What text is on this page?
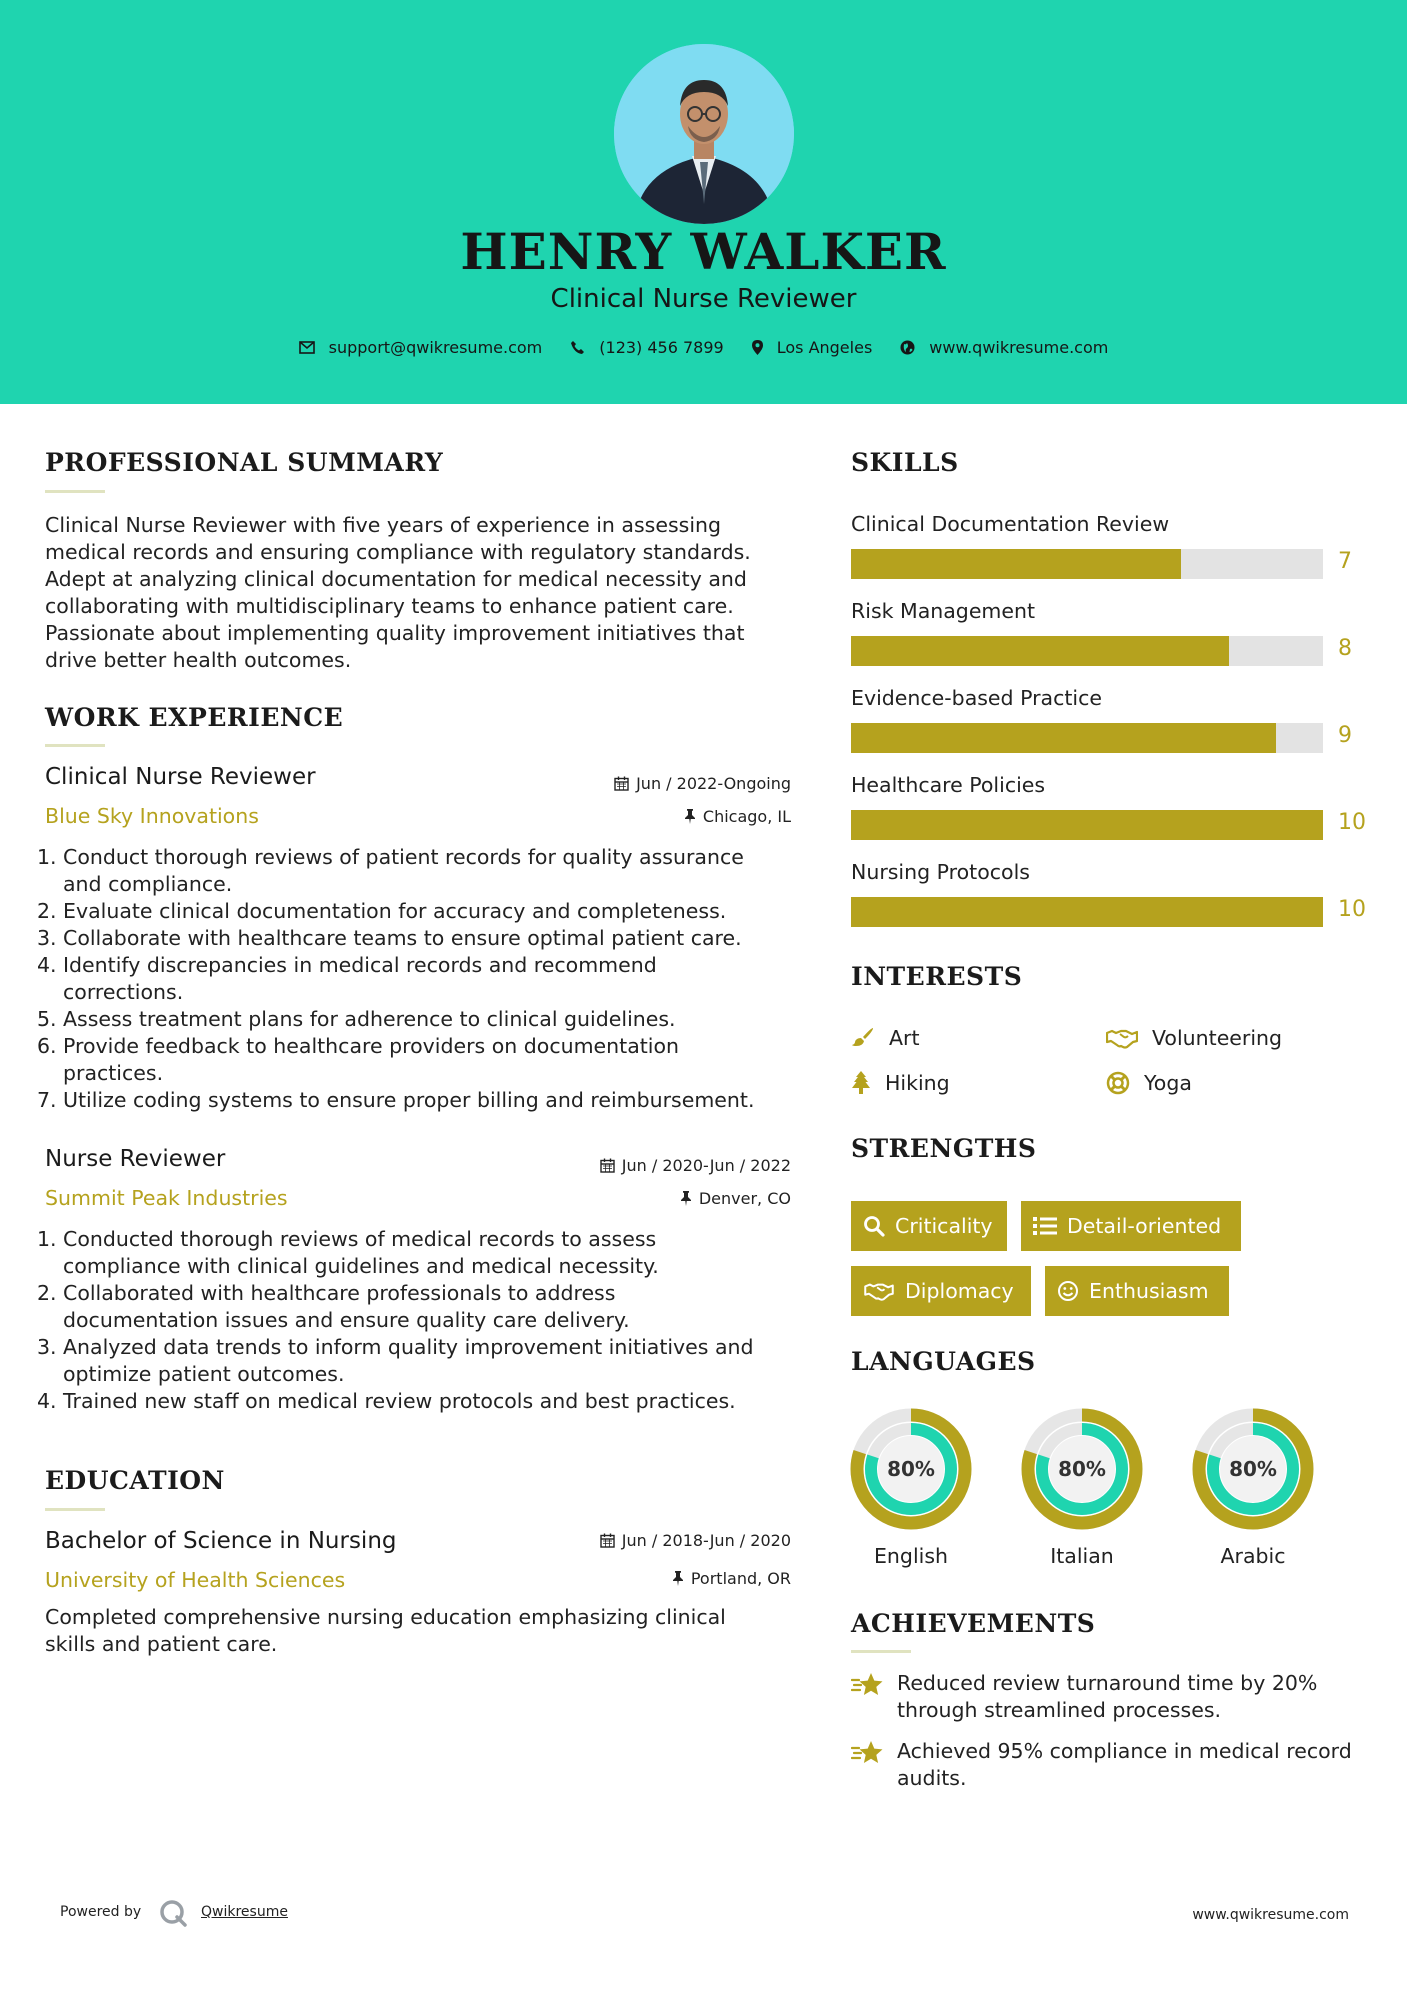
HENRY WALKER
Clinical Nurse Reviewer
support@qwikresume.com	(123) 456 7899	Los Angeles	www.qwikresume.com
PROFESSIONAL SUMMARY
Clinical Nurse Reviewer with five years of experience in assessing
medical records and ensuring compliance with regulatory standards.
Adept at analyzing clinical documentation for medical necessity and
collaborating with multidisciplinary teams to enhance patient care.
Passionate about implementing quality improvement initiatives that
drive better health outcomes.
WORK EXPERIENCE
Clinical Nurse Reviewer
Blue Sky Innovations
Jun / 2022-Ongoing
Chicago, IL
1. Conduct thorough reviews of patient records for quality assurance
and compliance.
2. Evaluate clinical documentation for accuracy and completeness.
3. Collaborate with healthcare teams to ensure optimal patient care.
4. Identify discrepancies in medical records and recommend
corrections.
5. Assess treatment plans for adherence to clinical guidelines.
6. Provide feedback to healthcare providers on documentation
practices.
7. Utilize coding systems to ensure proper billing and reimbursement.
Nurse Reviewer
Summit Peak Industries
Jun / 2020-Jun / 2022
Denver, CO
1. Conducted thorough reviews of medical records to assess
compliance with clinical guidelines and medical necessity.
2. Collaborated with healthcare professionals to address
documentation issues and ensure quality care delivery.
3. Analyzed data trends to inform quality improvement initiatives and
optimize patient outcomes.
4. Trained new staff on medical review protocols and best practices.
EDUCATION
Bachelor of Science in Nursing
University of Health Sciences
Jun / 2018-Jun / 2020
Portland, OR
Completed comprehensive nursing education emphasizing clinical
skills and patient care.
SKILLS
Clinical Documentation Review
7
Risk Management
8
Evidence-based Practice
9
Healthcare Policies
10
Nursing Protocols
10
INTERESTS
Art	Volunteering
Hiking	Yoga
STRENGTHS
Criticality	Detail-oriented
Diplomacy	Enthusiasm
LANGUAGES
80%
English
80%
Italian
80%
Arabic
ACHIEVEMENTS
Reduced review turnaround time by 20%
through streamlined processes.
Achieved 95% compliance in medical record
audits.
Powered by	Qwikresume	www.qwikresume.com
